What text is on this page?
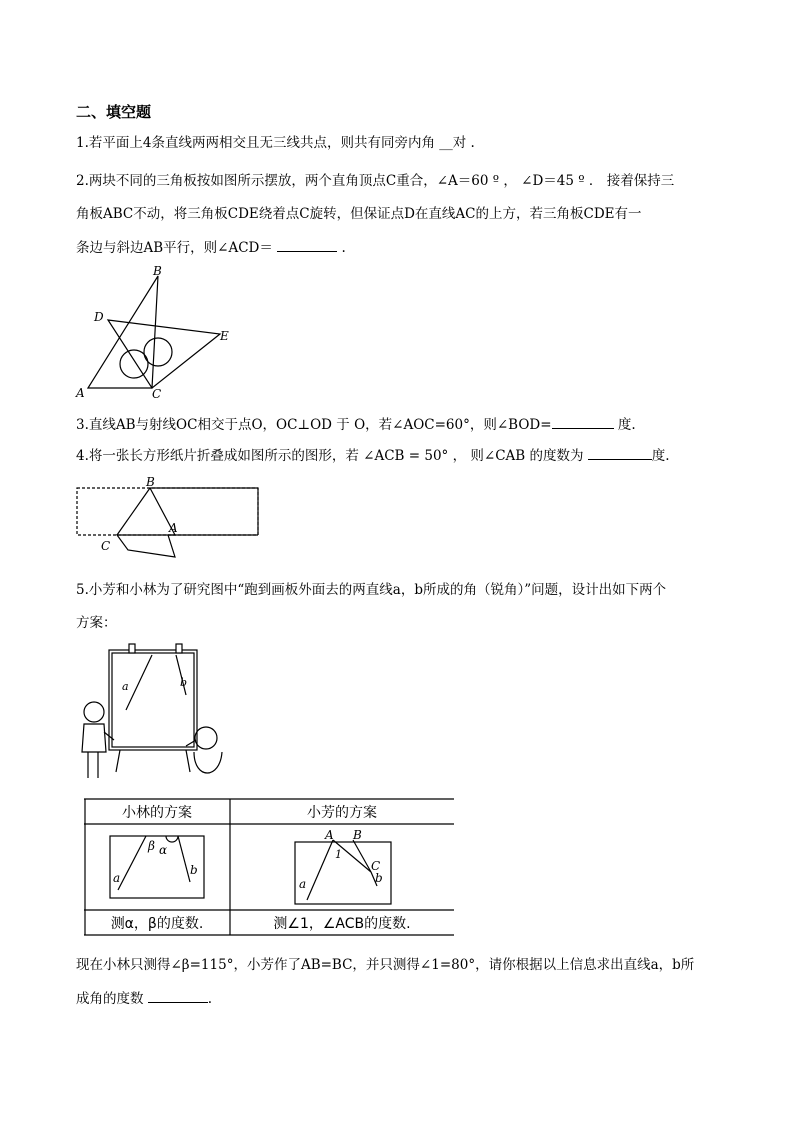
二、填空题
1.若平面上4条直线两两相交且无三线共点，则共有同旁内角 __对 .
2.两块不同的三角板按如图所示摆放，两个直角顶点C重合，∠A＝60 º ， ∠D＝45 º ． 接着保持三
角板ABC不动，将三角板CDE绕着点C旋转，但保证点D在直线AC的上方，若三角板CDE有一
条边与斜边AB平行，则∠ACD＝	.
B
D
E
A	C
3.直线AB与射线OC相交于点O，OC⊥OD 于 O，若∠AOC=60°，则∠BOD=	度.
4.将一张长方形纸片折叠成如图所示的图形，若 ∠ACB = 50° ， 则∠CAB 的度数为	度.
B
A
C
5.小芳和小林为了研究图中“跑到画板外面去的两直线a，b所成的角（锐角）”问题，设计出如下两个
方案：
a	b
小林的方案	小芳的方案
β α
a
b
A B
1
C
a	b
测α，β的度数.	测∠1，∠ACB的度数.
现在小林只测得∠β=115°，小芳作了AB=BC，并只测得∠1=80°，请你根据以上信息求出直线a，b所
成角的度数	.
